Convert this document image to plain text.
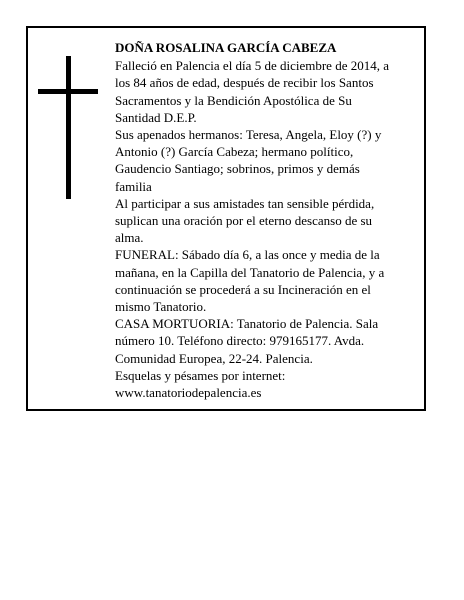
DOÑA ROSALINA GARCÍA CABEZA

Falleció en Palencia el día 5 de diciembre de 2014, a los 84 años de edad, después de recibir los Santos Sacramentos y la Bendición Apostólica de Su Santidad D.E.P.

Sus apenados hermanos: Teresa, Angela, Eloy (?) y Antonio (?) García Cabeza; hermano político, Gaudencio Santiago; sobrinos, primos y demás familia

Al participar a sus amistades tan sensible pérdida, suplican una oración por el eterno descanso de su alma.

FUNERAL: Sábado día 6, a las once y media de la mañana, en la Capilla del Tanatorio de Palencia, y a continuación se procederá a su Incineración en el mismo Tanatorio.

CASA MORTUORIA: Tanatorio de Palencia. Sala número 10. Teléfono directo: 979165177. Avda. Comunidad Europea, 22-24. Palencia.

Esquelas y pésames por internet: www.tanatoriodepalencia.es
